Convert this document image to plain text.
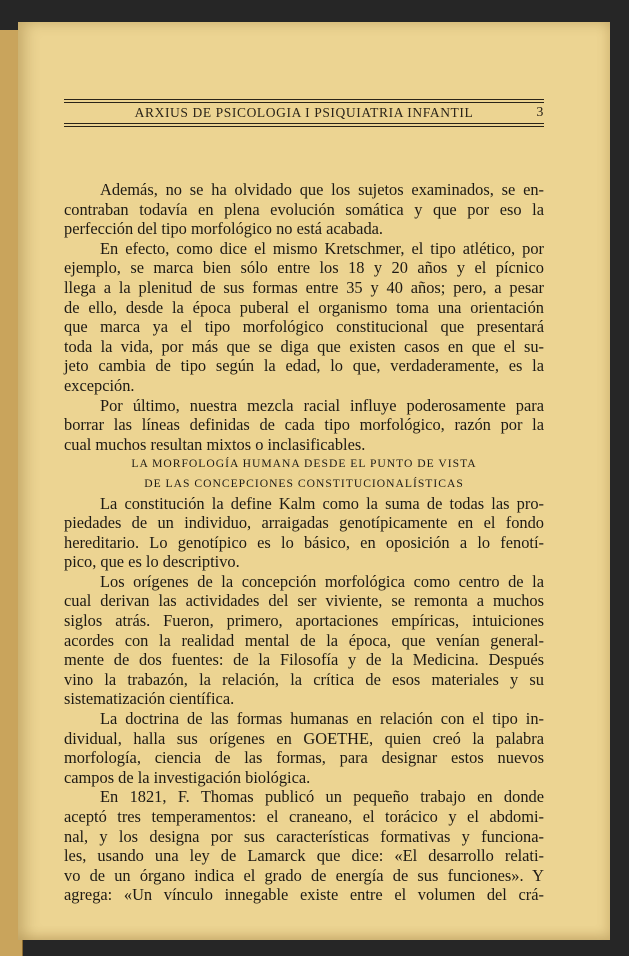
ARXIUS DE PSICOLOGIA I PSIQUIATRIA INFANTIL	3

Además, no se ha olvidado que los sujetos examinados, se en-
contraban todavía en plena evolución somática y que por eso la
perfección del tipo morfológico no está acabada.

En efecto, como dice el mismo Kretschmer, el tipo atlético, por
ejemplo, se marca bien sólo entre los 18 y 20 años y el pícnico
llega a la plenitud de sus formas entre 35 y 40 años; pero, a pesar
de ello, desde la época puberal el organismo toma una orientación
que marca ya el tipo morfológico constitucional que presentará
toda la vida, por más que se diga que existen casos en que el su-
jeto cambia de tipo según la edad, lo que, verdaderamente, es la
excepción.

Por último, nuestra mezcla racial influye poderosamente para
borrar las líneas definidas de cada tipo morfológico, razón por la
cual muchos resultan mixtos o inclasificables.

LA MORFOLOGÍA HUMANA DESDE EL PUNTO DE VISTA
DE LAS CONCEPCIONES CONSTITUCIONALÍSTICAS

La constitución la define Kalm como la suma de todas las pro-
piedades de un individuo, arraigadas genotípicamente en el fondo
hereditario. Lo genotípico es lo básico, en oposición a lo fenotí-
pico, que es lo descriptivo.

Los orígenes de la concepción morfológica como centro de la
cual derivan las actividades del ser viviente, se remonta a muchos
siglos atrás. Fueron, primero, aportaciones empíricas, intuiciones
acordes con la realidad mental de la época, que venían general-
mente de dos fuentes: de la Filosofía y de la Medicina. Después
vino la trabazón, la relación, la crítica de esos materiales y su
sistematización científica.

La doctrina de las formas humanas en relación con el tipo in-
dividual, halla sus orígenes en GOETHE, quien creó la palabra
morfología, ciencia de las formas, para designar estos nuevos
campos de la investigación biológica.

En 1821, F. Thomas publicó un pequeño trabajo en donde
aceptó tres temperamentos: el craneano, el torácico y el abdomi-
nal, y los designa por sus características formativas y funciona-
les, usando una ley de Lamarck que dice: «El desarrollo relati-
vo de un órgano indica el grado de energía de sus funciones». Y
agrega: «Un vínculo innegable existe entre el volumen del crá-
